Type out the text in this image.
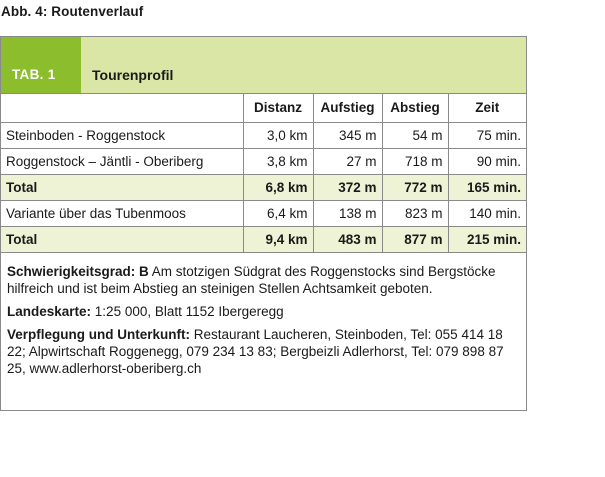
Abb. 4: Routenverlauf
TAB. 1	Tourenprofil
	Distanz	Aufstieg	Abstieg	Zeit
Steinboden - Roggenstock	3,0 km	345 m	54 m	75 min.
Roggenstock – Jäntli - Oberiberg	3,8 km	27 m	718 m	90 min.
Total	6,8 km	372 m	772 m	165 min.
Variante über das Tubenmoos	6,4 km	138 m	823 m	140 min.
Total	9,4 km	483 m	877 m	215 min.

Schwierigkeitsgrad: B Am stotzigen Südgrat des Roggenstocks sind Bergstöcke hilfreich und ist beim Abstieg an steinigen Stellen Achtsamkeit geboten.

Landeskarte: 1:25 000, Blatt 1152 Ibergeregg

Verpflegung und Unterkunft: Restaurant Laucheren, Steinboden, Tel: 055 414 18 22; Alpwirtschaft Roggenegg, 079 234 13 83; Bergbeizli Adlerhorst, Tel: 079 898 87 25, www.adlerhorst-oberiberg.ch
